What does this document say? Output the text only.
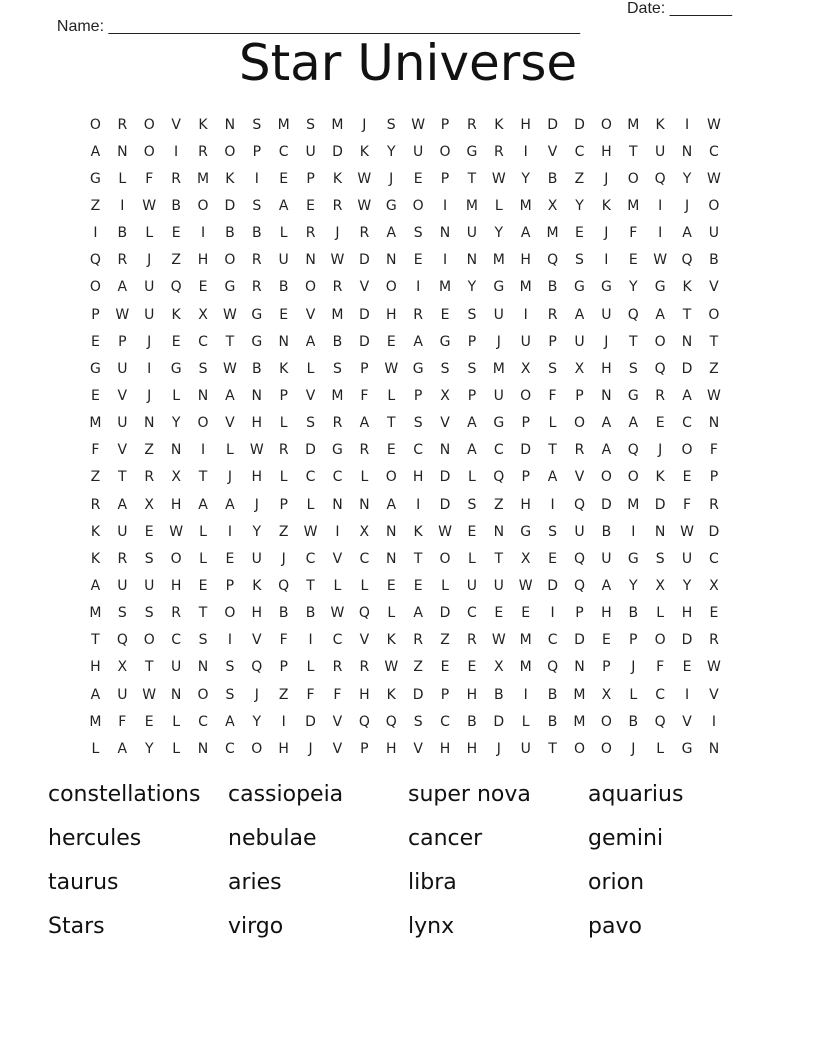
Name: _____________________________________________________

Date: _______

Star Universe
O	R	O	V	K	N	S	M	S	M	J	S	W	P	R	K	H	D	D	O	M	K	I	W
A	N	O	I	R	O	P	C	U	D	K	Y	U	O	G	R	I	V	C	H	T	U	N	C
G	L	F	R	M	K	I	E	P	K	W	J	E	P	T	W	Y	B	Z	J	O	Q	Y	W
Z	I	W	B	O	D	S	A	E	R	W	G	O	I	M	L	M	X	Y	K	M	I	J	O
I	B	L	E	I	B	B	L	R	J	R	A	S	N	U	Y	A	M	E	J	F	I	A	U
Q	R	J	Z	H	O	R	U	N	W	D	N	E	I	N	M	H	Q	S	I	E	W	Q	B
O	A	U	Q	E	G	R	B	O	R	V	O	I	M	Y	G	M	B	G	G	Y	G	K	V
P	W	U	K	X	W	G	E	V	M	D	H	R	E	S	U	I	R	A	U	Q	A	T	O
E	P	J	E	C	T	G	N	A	B	D	E	A	G	P	J	U	P	U	J	T	O	N	T
G	U	I	G	S	W	B	K	L	S	P	W	G	S	S	M	X	S	X	H	S	Q	D	Z
E	V	J	L	N	A	N	P	V	M	F	L	P	X	P	U	O	F	P	N	G	R	A	W
M	U	N	Y	O	V	H	L	S	R	A	T	S	V	A	G	P	L	O	A	A	E	C	N
F	V	Z	N	I	L	W	R	D	G	R	E	C	N	A	C	D	T	R	A	Q	J	O	F
Z	T	R	X	T	J	H	L	C	C	L	O	H	D	L	Q	P	A	V	O	O	K	E	P
R	A	X	H	A	A	J	P	L	N	N	A	I	D	S	Z	H	I	Q	D	M	D	F	R
K	U	E	W	L	I	Y	Z	W	I	X	N	K	W	E	N	G	S	U	B	I	N	W	D
K	R	S	O	L	E	U	J	C	V	C	N	T	O	L	T	X	E	Q	U	G	S	U	C
A	U	U	H	E	P	K	Q	T	L	L	E	E	L	U	U	W	D	Q	A	Y	X	Y	X
M	S	S	R	T	O	H	B	B	W	Q	L	A	D	C	E	E	I	P	H	B	L	H	E
T	Q	O	C	S	I	V	F	I	C	V	K	R	Z	R	W M	C	D	E	P	O	D	R
H	X	T	U	N	S	Q	P	L	R	R	W	Z	E	E	X	M	Q	N	P	J	F	E	W
A	U	W	N	O	S	J	Z	F	F	H	K	D	P	H	B	I	B	M	X	L	C	I	V
M	F	E	L	C	A	Y	I	D	V	Q	Q	S	C	B	D	L	B	M	O	B	Q	V	I
L	A	Y	L	N	C	O	H	J	V	P	H	V	H	H	J	U	T	O	O	J	L	G	N
constellations	cassiopeia	super nova	aquarius
hercules	nebulae	cancer	gemini
taurus	aries	libra	orion
Stars	virgo	lynx	pavo
